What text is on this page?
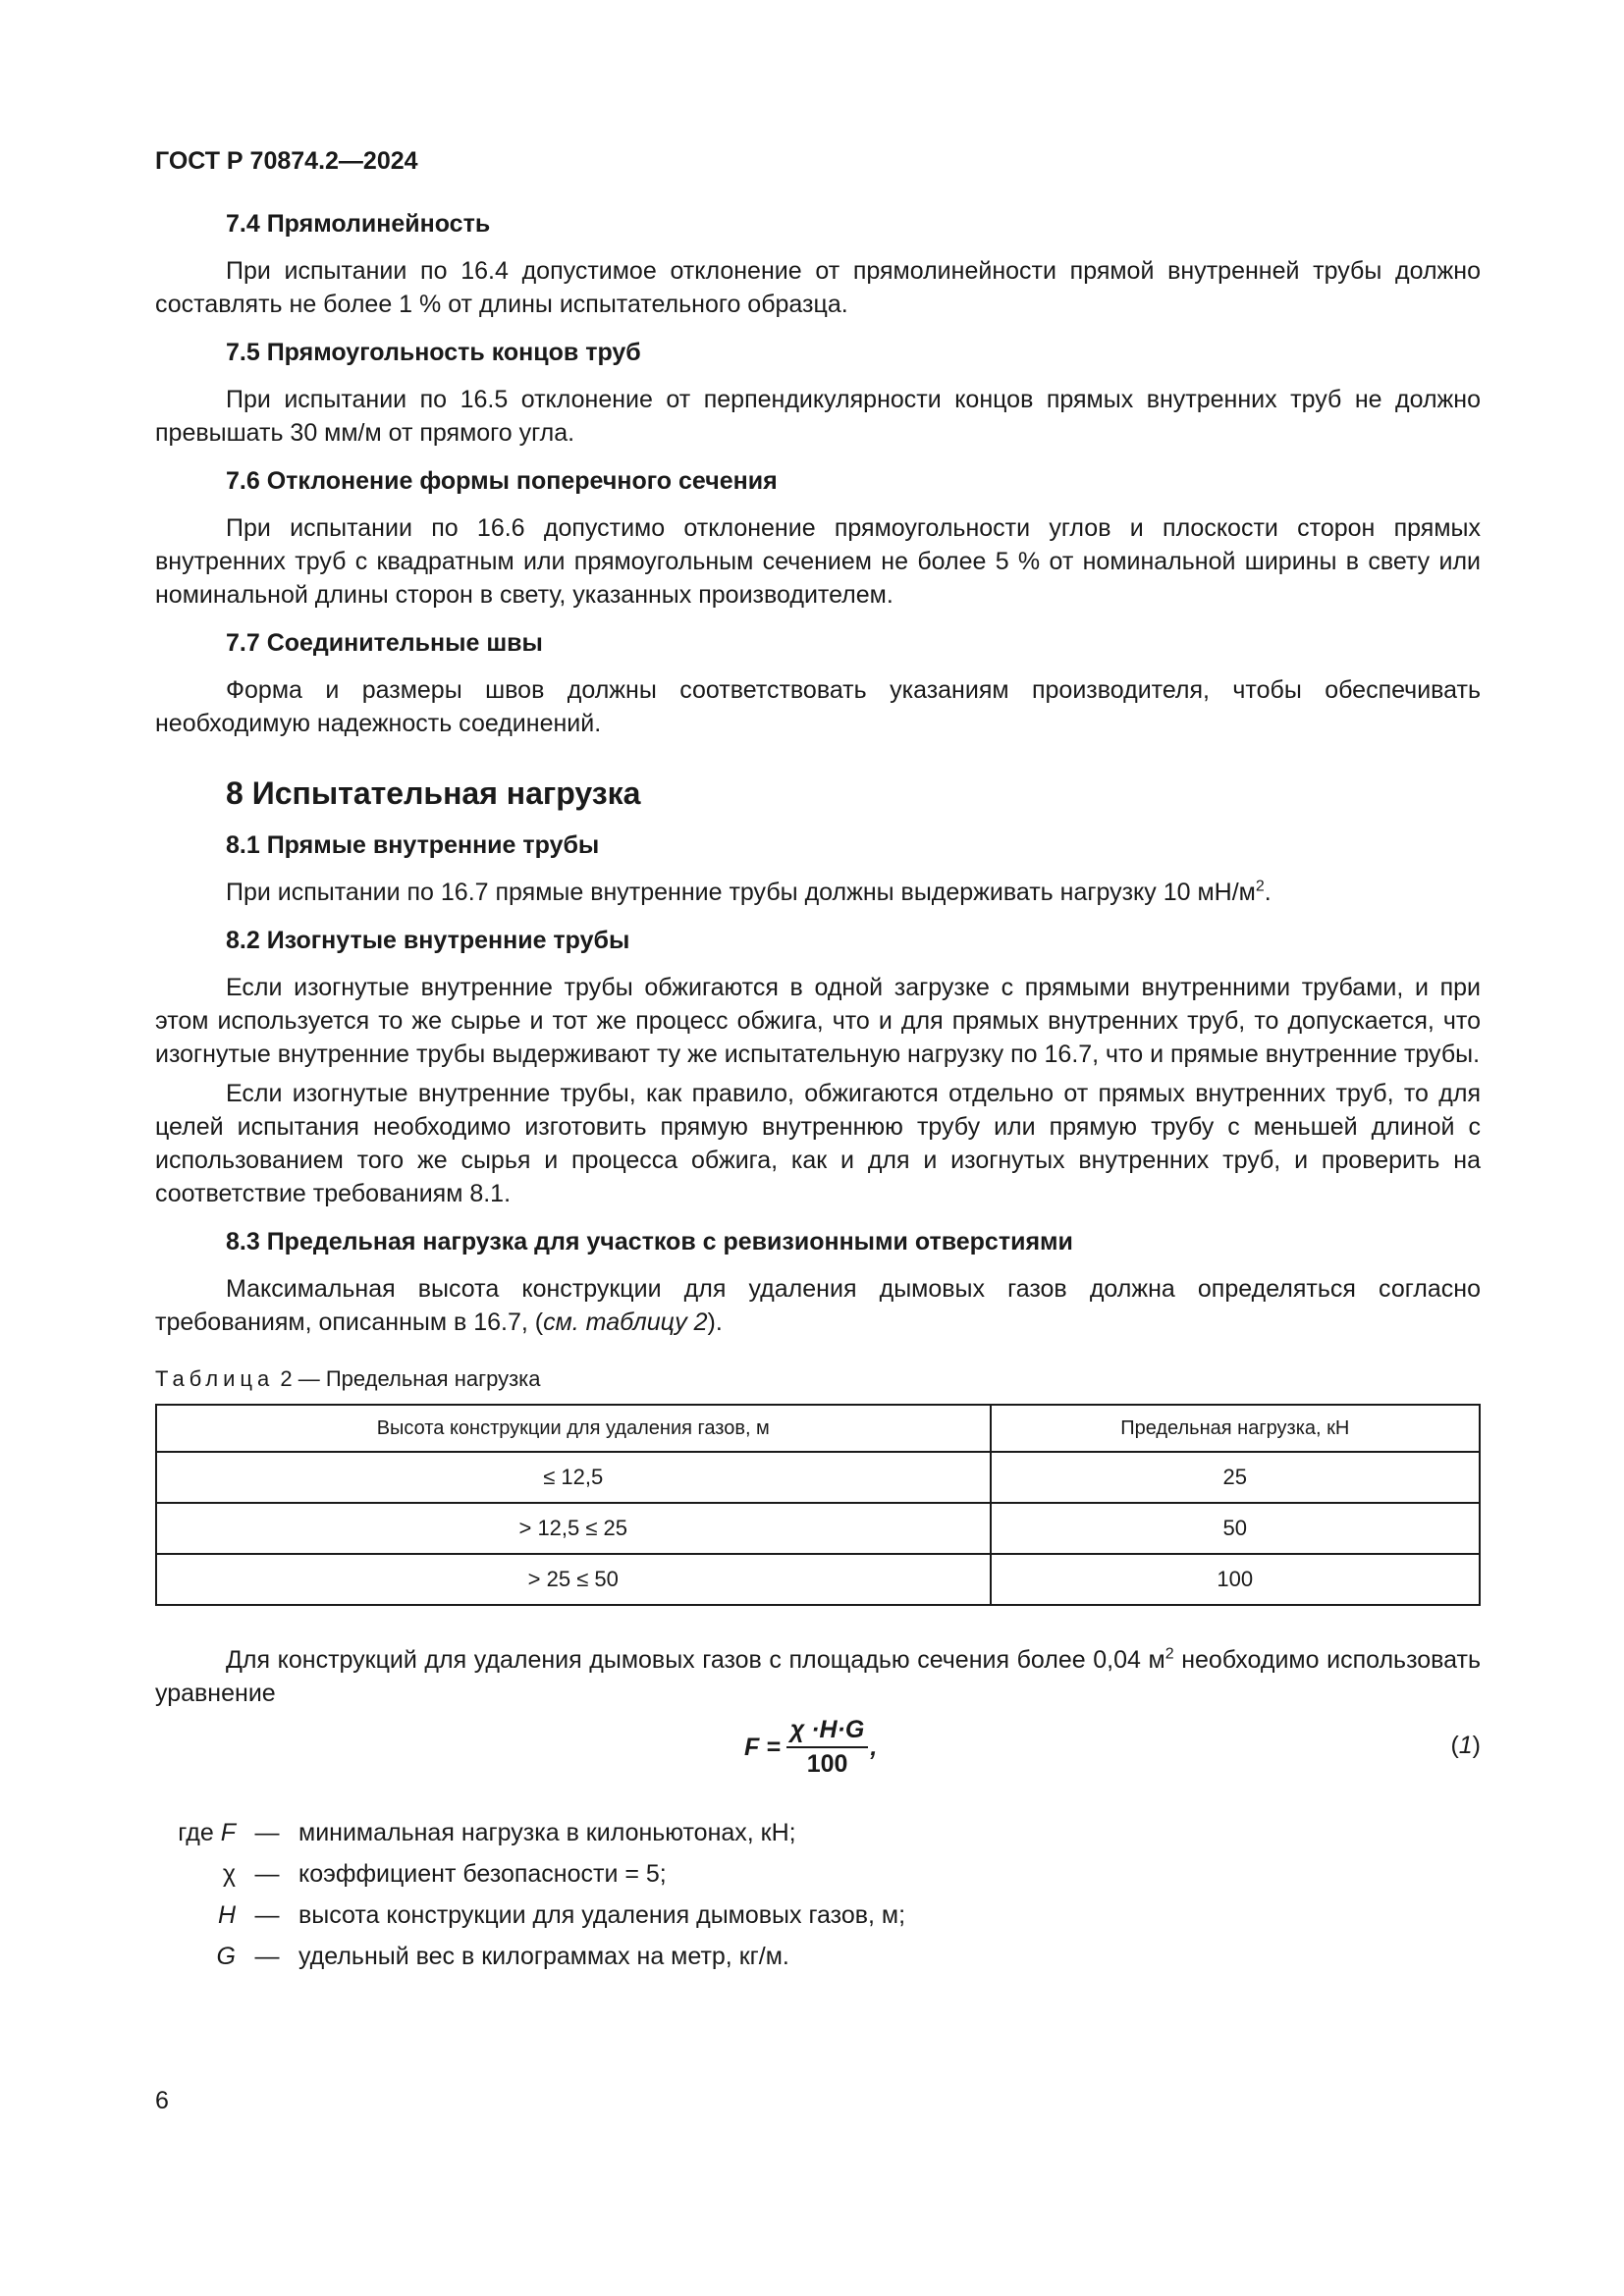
ГОСТ Р 70874.2—2024
7.4 Прямолинейность

При испытании по 16.4 допустимое отклонение от прямолинейности прямой внутренней трубы должно составлять не более 1 % от длины испытательного образца.

7.5 Прямоугольность концов труб

При испытании по 16.5 отклонение от перпендикулярности концов прямых внутренних труб не должно превышать 30 мм/м от прямого угла.

7.6 Отклонение формы поперечного сечения

При испытании по 16.6 допустимо отклонение прямоугольности углов и плоскости сторон прямых внутренних труб с квадратным или прямоугольным сечением не более 5 % от номинальной ширины в свету или номинальной длины сторон в свету, указанных производителем.

7.7 Соединительные швы

Форма и размеры швов должны соответствовать указаниям производителя, чтобы обеспечивать необходимую надежность соединений.

8 Испытательная нагрузка
8.1 Прямые внутренние трубы

При испытании по 16.7 прямые внутренние трубы должны выдерживать нагрузку 10 $мН/м^2$.

8.2 Изогнутые внутренние трубы

Если изогнутые внутренние трубы обжигаются в одной загрузке с прямыми внутренними трубами, и при этом используется то же сырье и тот же процесс обжига, что и для прямых внутренних труб, то допускается, что изогнутые внутренние трубы выдерживают ту же испытательную нагрузку по 16.7, что и прямые внутренние трубы.

Если изогнутые внутренние трубы, как правило, обжигаются отдельно от прямых внутренних труб, то для целей испытания необходимо изготовить прямую внутреннюю трубу или прямую трубу с меньшей длиной с использованием того же сырья и процесса обжига, как и для и изогнутых внутренних труб, и проверить на соответствие требованиям 8.1.

8.3 Предельная нагрузка для участков с ревизионными отверстиями

Максимальная высота конструкции для удаления дымовых газов должна определяться согласно требованиям, описанным в 16.7, (см. таблицу 2).

Таблица 2 — Предельная нагрузка
Высота конструкции для удаления газов, м	Предельная нагрузка, кН
≤ 12,5	25
> 12,5 ≤ 25	50
> 25 ≤ 50	100

Для конструкций для удаления дымовых газов с площадью сечения более 0,04 $м^2$ необходимо использовать уравнение

$F = \frac{\chi \cdot H\cdot G}{100}$ ,	(1)
где F — минимальная нагрузка в килоньютонах, кН;
χ — коэффициент безопасности = 5;
H — высота конструкции для удаления дымовых газов, м;
G — удельный вес в килограммах на метр, кг/м.
6
